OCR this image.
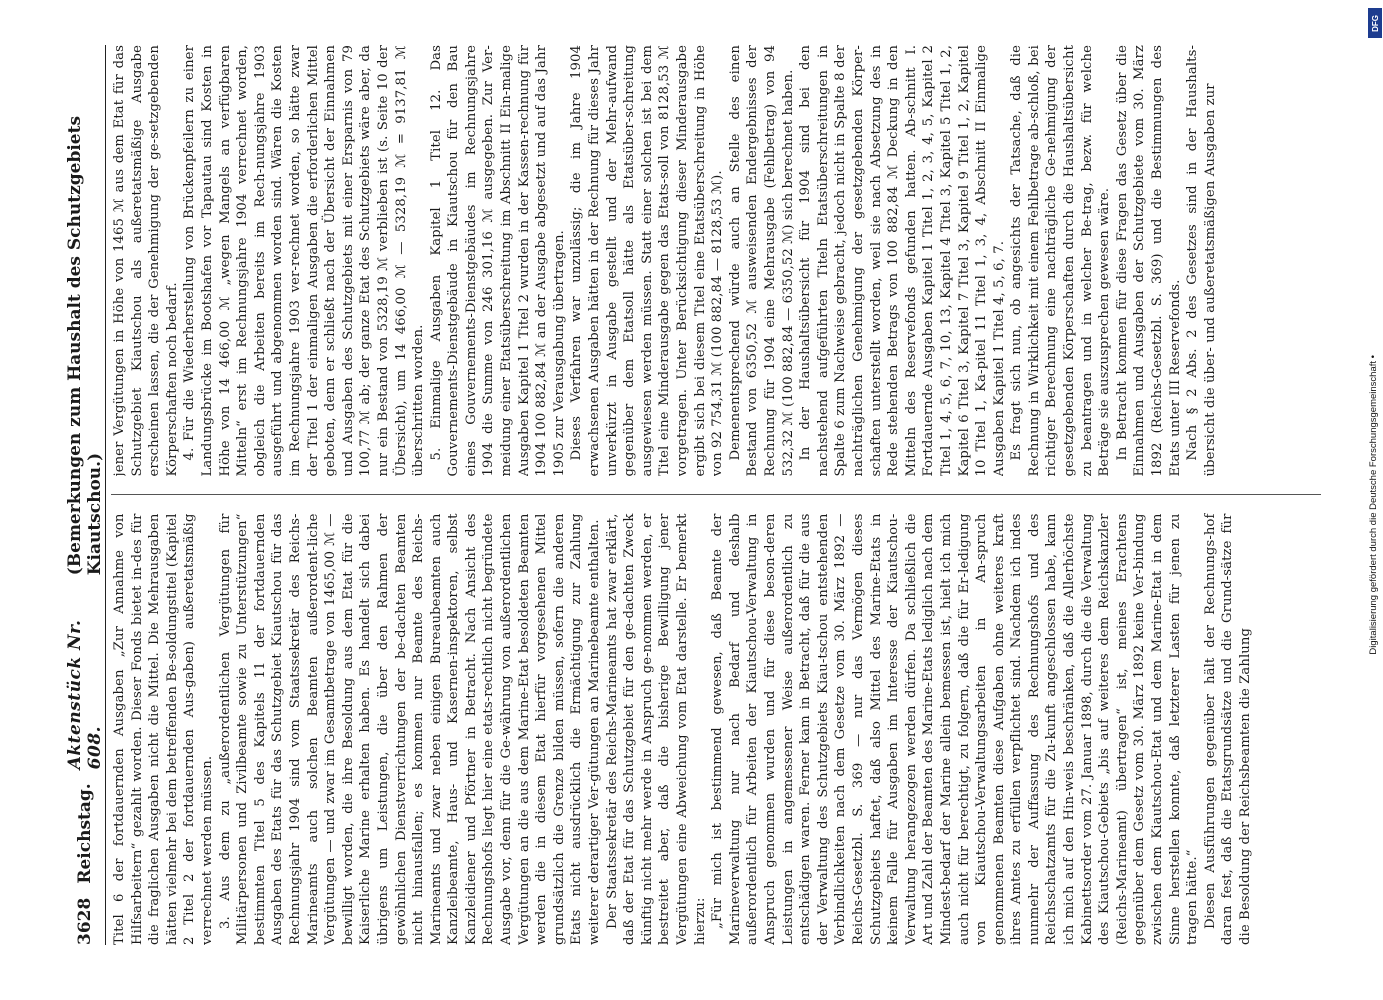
3628
Reichstag.
Aktenstück Nr. 608.
(Bemerkungen zum Haushalt des Schutzgebiets Kiautschou.) Titel 6 der fortdauernden Ausgaben „Zur Annahme von Hilfsarbeitern“ gezahlt worden. Dieser Fonds bietet in-des für die fraglichen Ausgaben nicht die Mittel. Die Mehrausgaben hätten vielmehr bei dem betreffenden Be-soldungstitel (Kapitel 2 Titel 2 der fortdauernden Aus-gaben) außeretatsmäßig verrechnet werden müssen. 3. Aus dem zu „außerordentlichen Vergütungen für Militärpersonen und Zivilbeamte sowie zu Unterstützungen“ bestimmten Titel 5 des Kapitels 11 der fortdauernden Ausgaben des Etats für das Schutzgebiet Kiautschou für das Rechnungsjahr 1904 sind vom Staatssekretär des Reichs-Marineamts auch solchen Beamten außerordent-liche Vergütungen — und zwar im Gesamtbetrage von 1465,00 ℳ — bewilligt worden, die ihre Besoldung aus dem Etat für die Kaiserliche Marine erhalten haben. Es handelt sich dabei übrigens um Leistungen, die über den Rahmen der gewöhnlichen Dienstverrichtungen der be-dachten Beamten nicht hinausfallen; es kommen nur Beamte des Reichs-Marineamts und zwar neben einigen Bureaubeamten auch Kanzleibeamte, Haus- und Kasernen-inspektoren, selbst Kanzleidiener und Pförtner in Betracht. Nach Ansicht des Rechnungshofs liegt hier eine etats-rechtlich nicht begründete Ausgabe vor, denn für die Ge-währung von außerordentlichen Vergütungen an die aus dem Marine-Etat besoldeten Beamten werden die in diesem Etat hierfür vorgesehenen Mittel grundsätzlich die Grenze bilden müssen, sofern die anderen Etats nicht ausdrücklich die Ermächtigung zur Zahlung weiterer derartiger Ver-gütungen an Marinebeamte enthalten. Der Staatssekretär des Reichs-Marineamts hat zwar erklärt, daß der Etat für das Schutzgebiet für den ge-dachten Zweck künftig nicht mehr werde in Anspruch ge-nommen werden, er bestreitet aber, daß die bisherige Bewilligung jener Vergütungen eine Abweichung vom Etat darstelle. Er bemerkt hierzu: „Für mich ist bestimmend gewesen, daß Beamte der Marineverwaltung nur nach Bedarf und deshalb außerordentlich für Arbeiten der Kiautschou-Verwaltung in Anspruch genommen wurden und für diese beson-deren Leistungen in angemessener Weise außerordentlich zu entschädigen waren. Ferner kam in Betracht, daß für die aus der Verwaltung des Schutzgebiets Kiau-tschou entstehenden Verbindlichkeiten nach dem Gesetze vom 30. März 1892 — Reichs-Gesetzbl. S. 369 — nur das Vermögen dieses Schutzgebiets haftet, daß also Mittel des Marine-Etats in keinem Falle für Ausgaben im Interesse der Kiautschou-Verwaltung herangezogen werden dürfen. Da schließlich die Art und Zahl der Beamten des Marine-Etats lediglich nach dem Mindest-bedarf der Marine allein bemessen ist, hielt ich mich auch nicht für berechtigt, zu folgern, daß die für Er-ledigung von Kiautschou-Verwaltungsarbeiten in An-spruch genommenen Beamten diese Aufgaben ohne weiteres kraft ihres Amtes zu erfüllen verpflichtet sind. Nachdem ich indes nunmehr der Auffassung des Rechnungshofs und des Reichsschatzamts für die Zu-kunft angeschlossen habe, kann ich mich auf den Hin-weis beschränken, daß die Allerhöchste Kabinettsorder vom 27. Januar 1898, durch die die Verwaltung des Kiautschou-Gebiets „bis auf weiteres dem Reichskanzler (Reichs-Marineamt) übertragen“ ist, meines Erachtens gegenüber dem Gesetz vom 30. März 1892 keine Ver-bindung zwischen dem Kiautschou-Etat und dem Marine-Etat in dem Sinne herstellen konnte, daß letzterer Lasten für jenen zu tragen hätte.“ Diesen Ausführungen gegenüber hält der Rechnungs-hof daran fest, daß die Etatsgrundsätze und die Grund-sätze für die Besoldung der Reichsbeamten die Zahlung

jener Vergütungen in Höhe von 1465 ℳ aus dem Etat für das Schutzgebiet Kiautschou als außeretatsmäßige Ausgabe erscheinen lassen, die der Genehmigung der ge-setzgebenden Körperschaften noch bedarf. 4. Für die Wiederherstellung von Brückenpfeilern zu einer Landungsbrücke im Bootshafen vor Tapautau sind Kosten in Höhe von 14 466,00 ℳ „wegen Mangels an verfügbaren Mitteln“ erst im Rechnungsjahre 1904 verrechnet worden, obgleich die Arbeiten bereits im Rech-nungsjahre 1903 ausgeführt und abgenommen worden sind. Wären die Kosten im Rechnungsjahre 1903 ver-rechnet worden, so hätte zwar der Titel 1 der einmaligen Ausgaben die erforderlichen Mittel geboten, denn er schließt nach der Übersicht der Einnahmen und Ausgaben des Schutzgebiets mit einer Ersparnis von 79 100,77 ℳ ab; der ganze Etat des Schutzgebiets wäre aber, da nur ein Bestand von 5328,19 ℳ verblieben ist (s. Seite 10 der Übersicht), um 14 466,00 ℳ — 5328,19 ℳ = 9137,81 ℳ überschritten worden. 5. Einmalige Ausgaben Kapitel 1 Titel 12. Das Gouvernements-Dienstgebäude in Kiautschou für den Bau eines Gouvernements-Dienstgebäudes im Rechnungsjahre 1904 die Summe von 246 301,16 ℳ ausgegeben. Zur Ver-meidung einer Etatsüberschreitung im Abschnitt II Ein-malige Ausgaben Kapitel 1 Titel 2 wurden in der Kassen-rechnung für 1904 100 882,84 ℳ an der Ausgabe abgesetzt und auf das Jahr 1905 zur Verausgabung übertragen. Dieses Verfahren war unzulässig; die im Jahre 1904 erwachsenen Ausgaben hätten in der Rechnung für dieses Jahr unverkürzt in Ausgabe gestellt und der Mehr-aufwand gegenüber dem Etatsoll hätte als Etatsüber-schreitung ausgewiesen werden müssen. Statt einer solchen ist bei dem Titel eine Minderausgabe gegen das Etats-soll von 8128,53 ℳ vorgetragen. Unter Berücksichtigung dieser Minderausgabe ergibt sich bei diesem Titel eine Etatsüberschreitung in Höhe von 92 754,31 ℳ (100 882,84 — 8128,53 ℳ). Demenentsprechend würde auch an Stelle des einen Bestand von 6350,52 ℳ ausweisenden Endergebnisses der Rechnung für 1904 eine Mehrausgabe (Fehlbetrag) von 94 532,32 ℳ (100 882,84 — 6350,52 ℳ) sich berechnet haben. In der Haushaltsübersicht für 1904 sind bei den nachstehend aufgeführten Titeln Etatsüberschreitungen in Spalte 6 zum Nachweise gebracht, jedoch nicht in Spalte 8 der nachträglichen Genehmigung der gesetzgebenden Körper-schaften unterstellt worden, weil sie nach Absetzung des in Rede stehenden Betrags von 100 882,84 ℳ Deckung in den Mitteln des Reservefonds gefunden hatten. Ab-schnitt I. Fortdauernde Ausgaben Kapitel 1 Titel 1, 2, 3, 4, 5, Kapitel 2 Titel 1, 4, 5, 6, 7, 10, 13, Kapitel 4 Titel 3, Kapitel 5 Titel 1, 2, Kapitel 6 Titel 3, Kapitel 7 Titel 3, Kapitel 9 Titel 1, 2, Kapitel 10 Titel 1, Ka-pitel 11 Titel 1, 3, 4, Abschnitt II Einmalige Ausgaben Kapitel 1 Titel 4, 5, 6, 7. Es fragt sich nun, ob angesichts der Tatsache, daß die Rechnung in Wirklichkeit mit einem Fehlbetrage ab-schloß, bei richtiger Berechnung eine nachträgliche Ge-nehmigung der gesetzgebenden Körperschaften durch die Haushaltsübersicht zu beantragen und in welcher Be-trag, bezw. für welche Beträge sie auszusprechen gewesen wäre. In Betracht kommen für diese Fragen das Gesetz über die Einnahmen und Ausgaben der Schutzgebiete vom 30. März 1892 (Reichs-Gesetzbl. S. 369) und die Bestimmungen des Etats unter III Reservefonds. Nach § 2 Abs. 2 des Gesetzes sind in der Haushalts-übersicht die über- und außeretatsmäßigen Ausgaben zur

DFG
Digitalisierung gefördert durch die Deutsche Forschungsgemeinschaft •
